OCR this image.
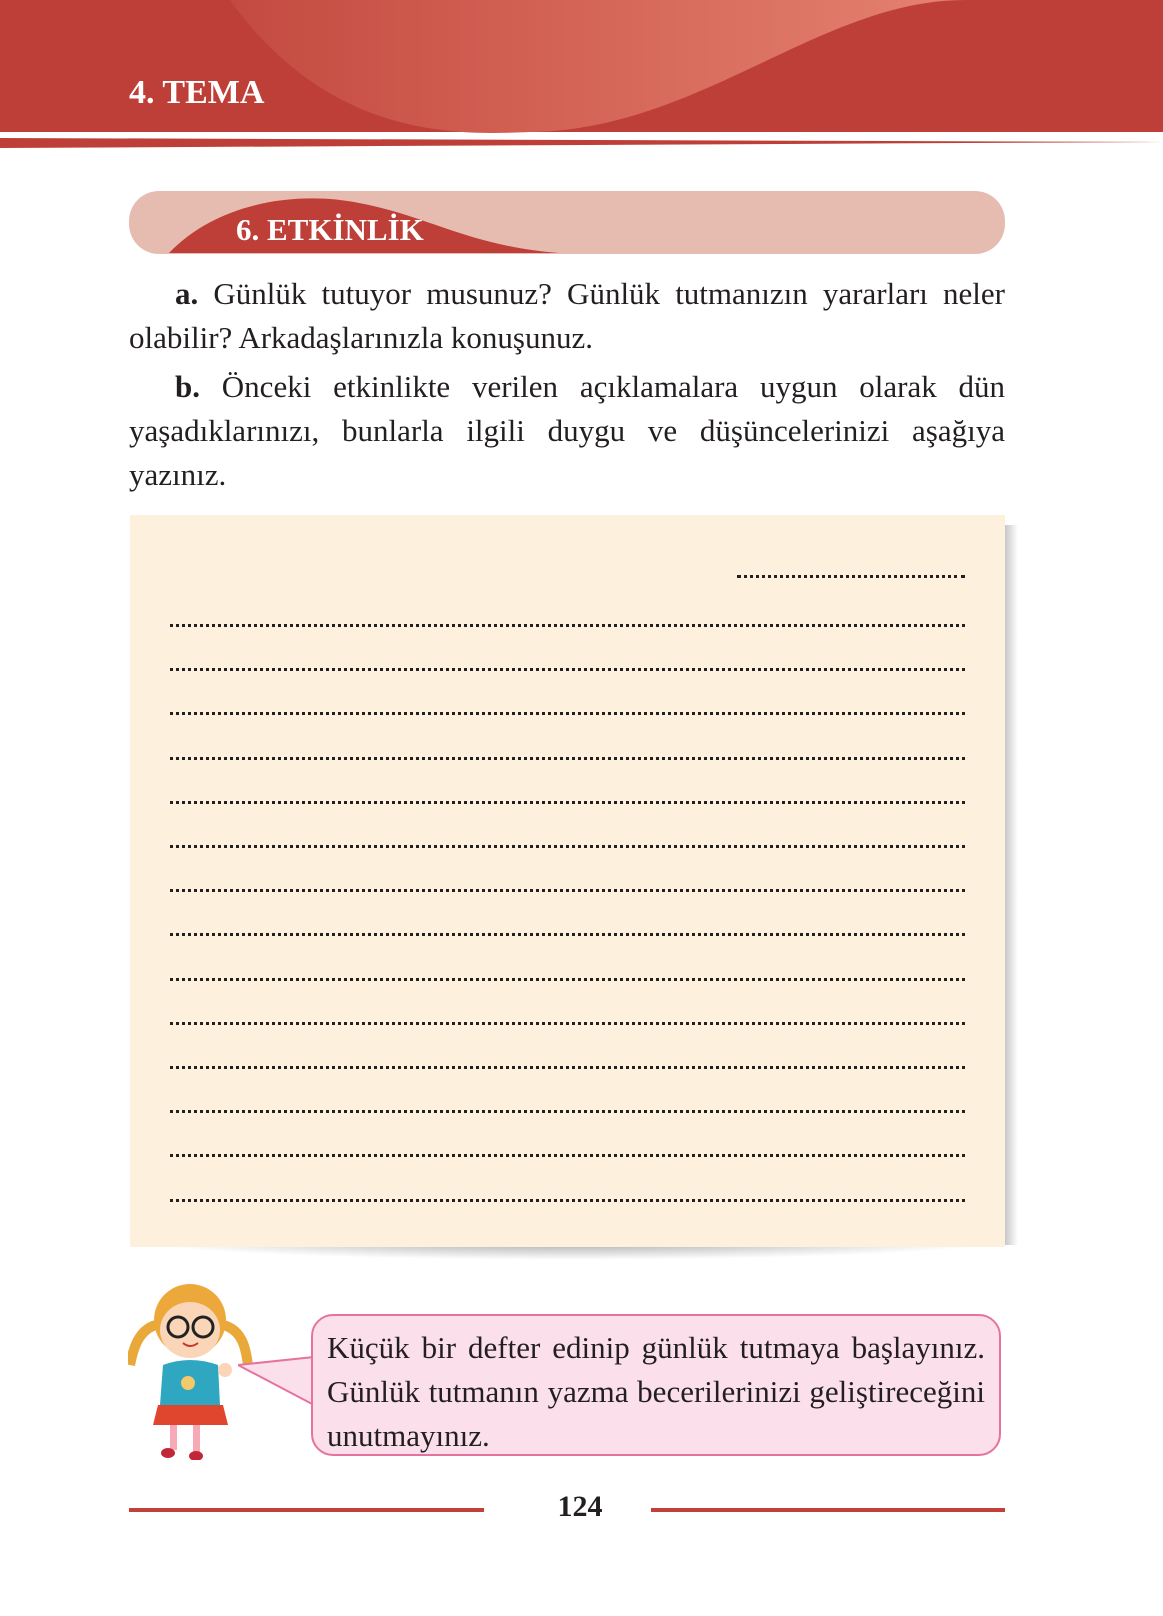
4. TEMA
6. ETKİNLİK
a. Günlük tutuyor musunuz? Günlük tutmanızın yararları neler olabilir? Arkadaşlarınızla konuşunuz.
b. Önceki etkinlikte verilen açıklamalara uygun olarak dün yaşadıklarınızı, bunlarla ilgili duygu ve düşüncelerinizi aşağıya yazınız.
Küçük bir defter edinip günlük tutmaya başlayınız. Günlük tutmanın yazma becerilerinizi geliştireceğini unutmayınız.
124
